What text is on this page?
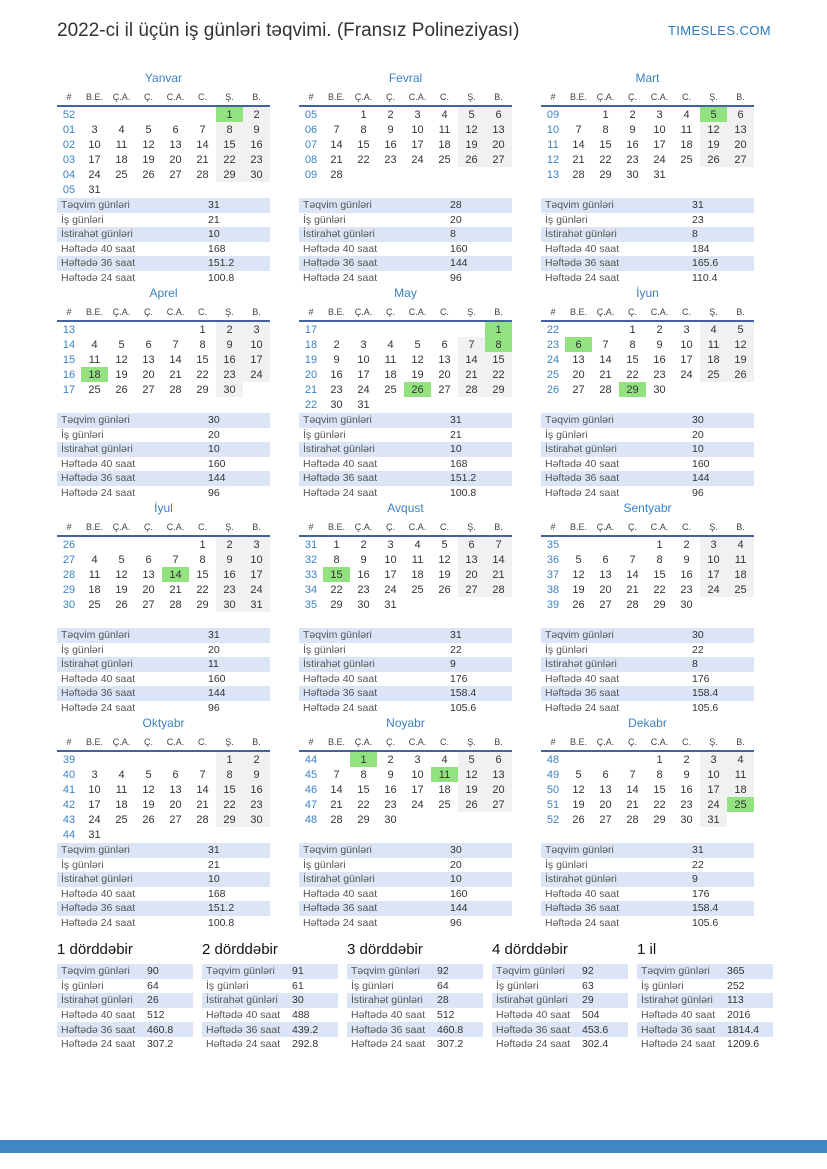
2022-ci il üçün iş günləri təqvimi. (Fransız Polineziyası)	TIMESLES.COM
Yanvar
#	B.E.	Ç.A.	Ç.	C.A.	C.	Ş.	B.
52						1	2
01	3	4	5	6	7	8	9
02	10	11	12	13	14	15	16
03	17	18	19	20	21	22	23
04	24	25	26	27	28	29	30
05	31						
Təqvim günləri	31
İş günləri	21
İstirahət günləri	10
Həftədə 40 saat	168
Həftədə 36 saat	151.2
Həftədə 24 saat	100.8
Fevral
#	B.E.	Ç.A.	Ç.	C.A.	C.	Ş.	B.
05		1	2	3	4	5	6
06	7	8	9	10	11	12	13
07	14	15	16	17	18	19	20
08	21	22	23	24	25	26	27
09	28						
Təqvim günləri	28
İş günləri	20
İstirahət günləri	8
Həftədə 40 saat	160
Həftədə 36 saat	144
Həftədə 24 saat	96
Mart
#	B.E.	Ç.A.	Ç.	C.A.	C.	Ş.	B.
09		1	2	3	4	5	6
10	7	8	9	10	11	12	13
11	14	15	16	17	18	19	20
12	21	22	23	24	25	26	27
13	28	29	30	31			
Təqvim günləri	31
İş günləri	23
İstirahət günləri	8
Həftədə 40 saat	184
Həftədə 36 saat	165.6
Həftədə 24 saat	110.4
Aprel
#	B.E.	Ç.A.	Ç.	C.A.	C.	Ş.	B.
13					1	2	3
14	4	5	6	7	8	9	10
15	11	12	13	14	15	16	17
16	18	19	20	21	22	23	24
17	25	26	27	28	29	30	
Təqvim günləri	30
İş günləri	20
İstirahət günləri	10
Həftədə 40 saat	160
Həftədə 36 saat	144
Həftədə 24 saat	96
May
#	B.E.	Ç.A.	Ç.	C.A.	C.	Ş.	B.
17							1
18	2	3	4	5	6	7	8
19	9	10	11	12	13	14	15
20	16	17	18	19	20	21	22
21	23	24	25	26	27	28	29
22	30	31					
Təqvim günləri	31
İş günləri	21
İstirahət günləri	10
Həftədə 40 saat	168
Həftədə 36 saat	151.2
Həftədə 24 saat	100.8
İyun
#	B.E.	Ç.A.	Ç.	C.A.	C.	Ş.	B.
22			1	2	3	4	5
23	6	7	8	9	10	11	12
24	13	14	15	16	17	18	19
25	20	21	22	23	24	25	26
26	27	28	29	30			
Təqvim günləri	30
İş günləri	20
İstirahət günləri	10
Həftədə 40 saat	160
Həftədə 36 saat	144
Həftədə 24 saat	96
İyul
#	B.E.	Ç.A.	Ç.	C.A.	C.	Ş.	B.
26					1	2	3
27	4	5	6	7	8	9	10
28	11	12	13	14	15	16	17
29	18	19	20	21	22	23	24
30	25	26	27	28	29	30	31
Təqvim günləri	31
İş günləri	20
İstirahət günləri	11
Həftədə 40 saat	160
Həftədə 36 saat	144
Həftədə 24 saat	96
Avqust
#	B.E.	Ç.A.	Ç.	C.A.	C.	Ş.	B.
31	1	2	3	4	5	6	7
32	8	9	10	11	12	13	14
33	15	16	17	18	19	20	21
34	22	23	24	25	26	27	28
35	29	30	31				
Təqvim günləri	31
İş günləri	22
İstirahət günləri	9
Həftədə 40 saat	176
Həftədə 36 saat	158.4
Həftədə 24 saat	105.6
Sentyabr
#	B.E.	Ç.A.	Ç.	C.A.	C.	Ş.	B.
35				1	2	3	4
36	5	6	7	8	9	10	11
37	12	13	14	15	16	17	18
38	19	20	21	22	23	24	25
39	26	27	28	29	30		
Təqvim günləri	30
İş günləri	22
İstirahət günləri	8
Həftədə 40 saat	176
Həftədə 36 saat	158.4
Həftədə 24 saat	105.6
Oktyabr
#	B.E.	Ç.A.	Ç.	C.A.	C.	Ş.	B.
39						1	2
40	3	4	5	6	7	8	9
41	10	11	12	13	14	15	16
42	17	18	19	20	21	22	23
43	24	25	26	27	28	29	30
44	31						
Təqvim günləri	31
İş günləri	21
İstirahət günləri	10
Həftədə 40 saat	168
Həftədə 36 saat	151.2
Həftədə 24 saat	100.8
Noyabr
#	B.E.	Ç.A.	Ç.	C.A.	C.	Ş.	B.
44		1	2	3	4	5	6
45	7	8	9	10	11	12	13
46	14	15	16	17	18	19	20
47	21	22	23	24	25	26	27
48	28	29	30				
Təqvim günləri	30
İş günləri	20
İstirahət günləri	10
Həftədə 40 saat	160
Həftədə 36 saat	144
Həftədə 24 saat	96
Dekabr
#	B.E.	Ç.A.	Ç.	C.A.	C.	Ş.	B.
48				1	2	3	4
49	5	6	7	8	9	10	11
50	12	13	14	15	16	17	18
51	19	20	21	22	23	24	25
52	26	27	28	29	30	31	
Təqvim günləri	31
İş günləri	22
İstirahət günləri	9
Həftədə 40 saat	176
Həftədə 36 saat	158.4
Həftədə 24 saat	105.6
1 dörddəbir
Təqvim günləri	90
İş günləri	64
İstirahət günləri	26
Həftədə 40 saat	512
Həftədə 36 saat	460.8
Həftədə 24 saat	307.2
2 dörddəbir
Təqvim günləri	91
İş günləri	61
İstirahət günləri	30
Həftədə 40 saat	488
Həftədə 36 saat	439.2
Həftədə 24 saat	292.8
3 dörddəbir
Təqvim günləri	92
İş günləri	64
İstirahət günləri	28
Həftədə 40 saat	512
Həftədə 36 saat	460.8
Həftədə 24 saat	307.2
4 dörddəbir
Təqvim günləri	92
İş günləri	63
İstirahət günləri	29
Həftədə 40 saat	504
Həftədə 36 saat	453.6
Həftədə 24 saat	302.4
1 il
Təqvim günləri	365
İş günləri	252
İstirahət günləri	113
Həftədə 40 saat	2016
Həftədə 36 saat	1814.4
Həftədə 24 saat	1209.6
